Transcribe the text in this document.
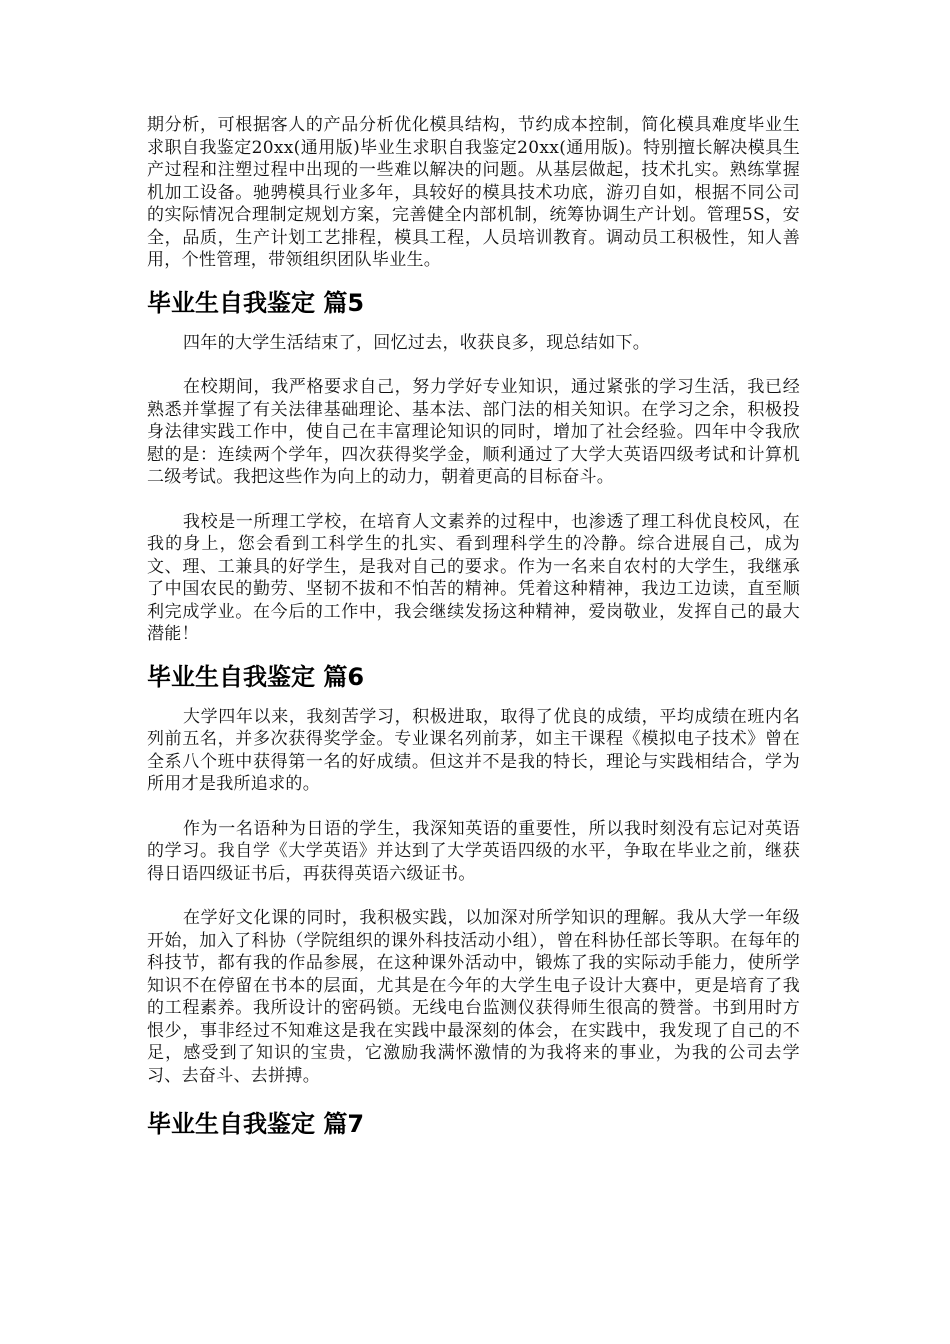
期分析，可根据客人的产品分析优化模具结构，节约成本控制，简化模具难度毕业生求职自我鉴定20xx(通用版)毕业生求职自我鉴定20xx(通用版)。特别擅长解决模具生产过程和注塑过程中出现的一些难以解决的问题。从基层做起，技术扎实。熟练掌握机加工设备。驰骋模具行业多年，具较好的模具技术功底，游刃自如，根据不同公司的实际情况合理制定规划方案，完善健全内部机制，统筹协调生产计划。管理5S，安全，品质，生产计划工艺排程，模具工程，人员培训教育。调动员工积极性，知人善用，个性管理，带领组织团队毕业生。

毕业生自我鉴定 篇5

四年的大学生活结束了，回忆过去，收获良多，现总结如下。

在校期间，我严格要求自己，努力学好专业知识，通过紧张的学习生活，我已经熟悉并掌握了有关法律基础理论、基本法、部门法的相关知识。在学习之余，积极投身法律实践工作中，使自己在丰富理论知识的同时，增加了社会经验。四年中令我欣慰的是：连续两个学年，四次获得奖学金，顺利通过了大学大英语四级考试和计算机二级考试。我把这些作为向上的动力，朝着更高的目标奋斗。

我校是一所理工学校，在培育人文素养的过程中，也渗透了理工科优良校风，在我的身上，您会看到工科学生的扎实、看到理科学生的冷静。综合进展自己，成为文、理、工兼具的好学生，是我对自己的要求。作为一名来自农村的大学生，我继承了中国农民的勤劳、坚韧不拔和不怕苦的精神。凭着这种精神，我边工边读，直至顺利完成学业。在今后的工作中，我会继续发扬这种精神，爱岗敬业，发挥自己的最大潜能！

毕业生自我鉴定 篇6

大学四年以来，我刻苦学习，积极进取，取得了优良的成绩，平均成绩在班内名列前五名，并多次获得奖学金。专业课名列前茅，如主干课程《模拟电子技术》曾在全系八个班中获得第一名的好成绩。但这并不是我的特长，理论与实践相结合，学为所用才是我所追求的。

作为一名语种为日语的学生，我深知英语的重要性，所以我时刻没有忘记对英语的学习。我自学《大学英语》并达到了大学英语四级的水平，争取在毕业之前，继获得日语四级证书后，再获得英语六级证书。

在学好文化课的同时，我积极实践，以加深对所学知识的理解。我从大学一年级开始，加入了科协（学院组织的课外科技活动小组），曾在科协任部长等职。在每年的科技节，都有我的作品参展，在这种课外活动中，锻炼了我的实际动手能力，使所学知识不在停留在书本的层面，尤其是在今年的大学生电子设计大赛中，更是培育了我的工程素养。我所设计的密码锁。无线电台监测仪获得师生很高的赞誉。书到用时方恨少，事非经过不知难这是我在实践中最深刻的体会，在实践中，我发现了自己的不足，感受到了知识的宝贵，它激励我满怀激情的为我将来的事业，为我的公司去学习、去奋斗、去拼搏。

毕业生自我鉴定 篇7
